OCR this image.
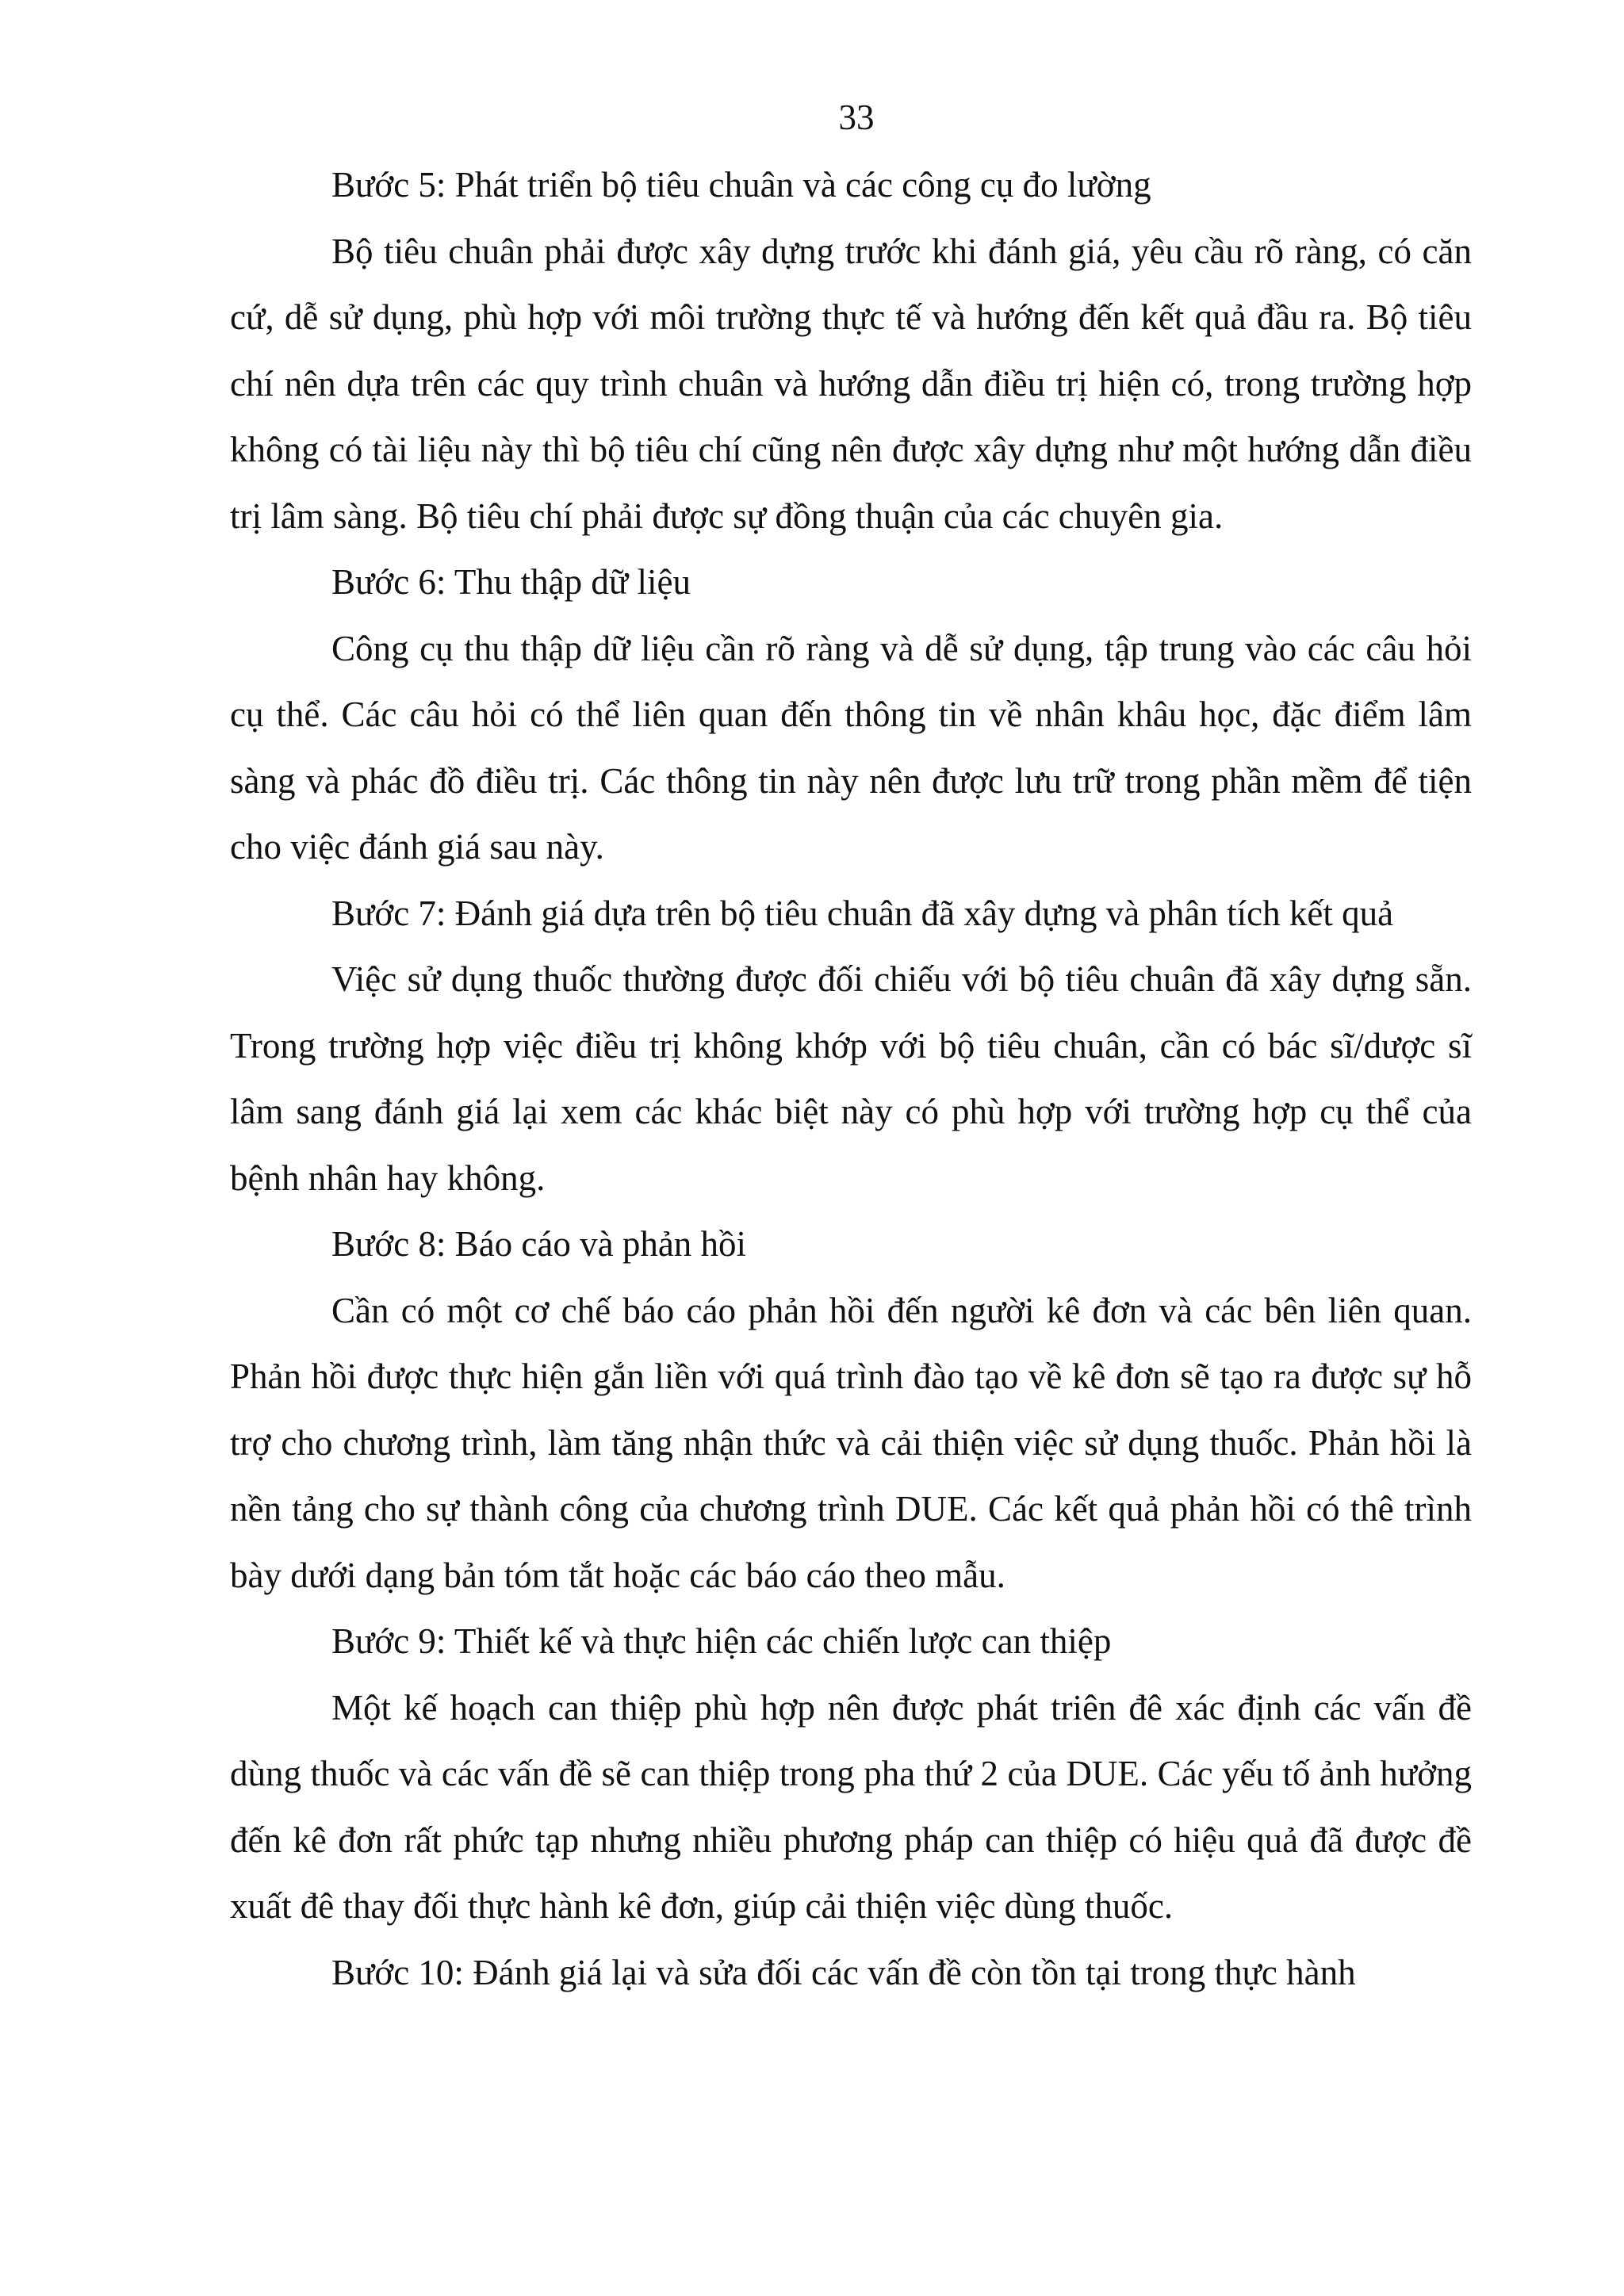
33

Bước 5: Phát triển bộ tiêu chuân và các công cụ đo lường

Bộ tiêu chuân phải được xây dựng trước khi đánh giá, yêu cầu rõ ràng, có căn cứ, dễ sử dụng, phù hợp với môi trường thực tế và hướng đến kết quả đầu ra. Bộ tiêu chí nên dựa trên các quy trình chuân và hướng dẫn điều trị hiện có, trong trường hợp không có tài liệu này thì bộ tiêu chí cũng nên được xây dựng như một hướng dẫn điều trị lâm sàng. Bộ tiêu chí phải được sự đồng thuận của các chuyên gia.

Bước 6: Thu thập dữ liệu

Công cụ thu thập dữ liệu cần rõ ràng và dễ sử dụng, tập trung vào các câu hỏi cụ thể. Các câu hỏi có thể liên quan đến thông tin về nhân khâu học, đặc điểm lâm sàng và phác đồ điều trị. Các thông tin này nên được lưu trữ trong phần mềm để tiện cho việc đánh giá sau này.

Bước 7: Đánh giá dựa trên bộ tiêu chuân đã xây dựng và phân tích kết quả

Việc sử dụng thuốc thường được đối chiếu với bộ tiêu chuân đã xây dựng sẵn. Trong trường hợp việc điều trị không khớp với bộ tiêu chuân, cần có bác sĩ/dược sĩ lâm sang đánh giá lại xem các khác biệt này có phù hợp với trường hợp cụ thể của bệnh nhân hay không.

Bước 8: Báo cáo và phản hồi

Cần có một cơ chế báo cáo phản hồi đến người kê đơn và các bên liên quan. Phản hồi được thực hiện gắn liền với quá trình đào tạo về kê đơn sẽ tạo ra được sự hỗ trợ cho chương trình, làm tăng nhận thức và cải thiện việc sử dụng thuốc. Phản hồi là nền tảng cho sự thành công của chương trình DUE. Các kết quả phản hồi có thê trình bày dưới dạng bản tóm tắt hoặc các báo cáo theo mẫu.

Bước 9: Thiết kế và thực hiện các chiến lược can thiệp

Một kế hoạch can thiệp phù hợp nên được phát triên đê xác định các vấn đề dùng thuốc và các vấn đề sẽ can thiệp trong pha thứ 2 của DUE. Các yếu tố ảnh hưởng đến kê đơn rất phức tạp nhưng nhiều phương pháp can thiệp có hiệu quả đã được đề xuất đê thay đối thực hành kê đơn, giúp cải thiện việc dùng thuốc.

Bước 10: Đánh giá lại và sửa đối các vấn đề còn tồn tại trong thực hành
